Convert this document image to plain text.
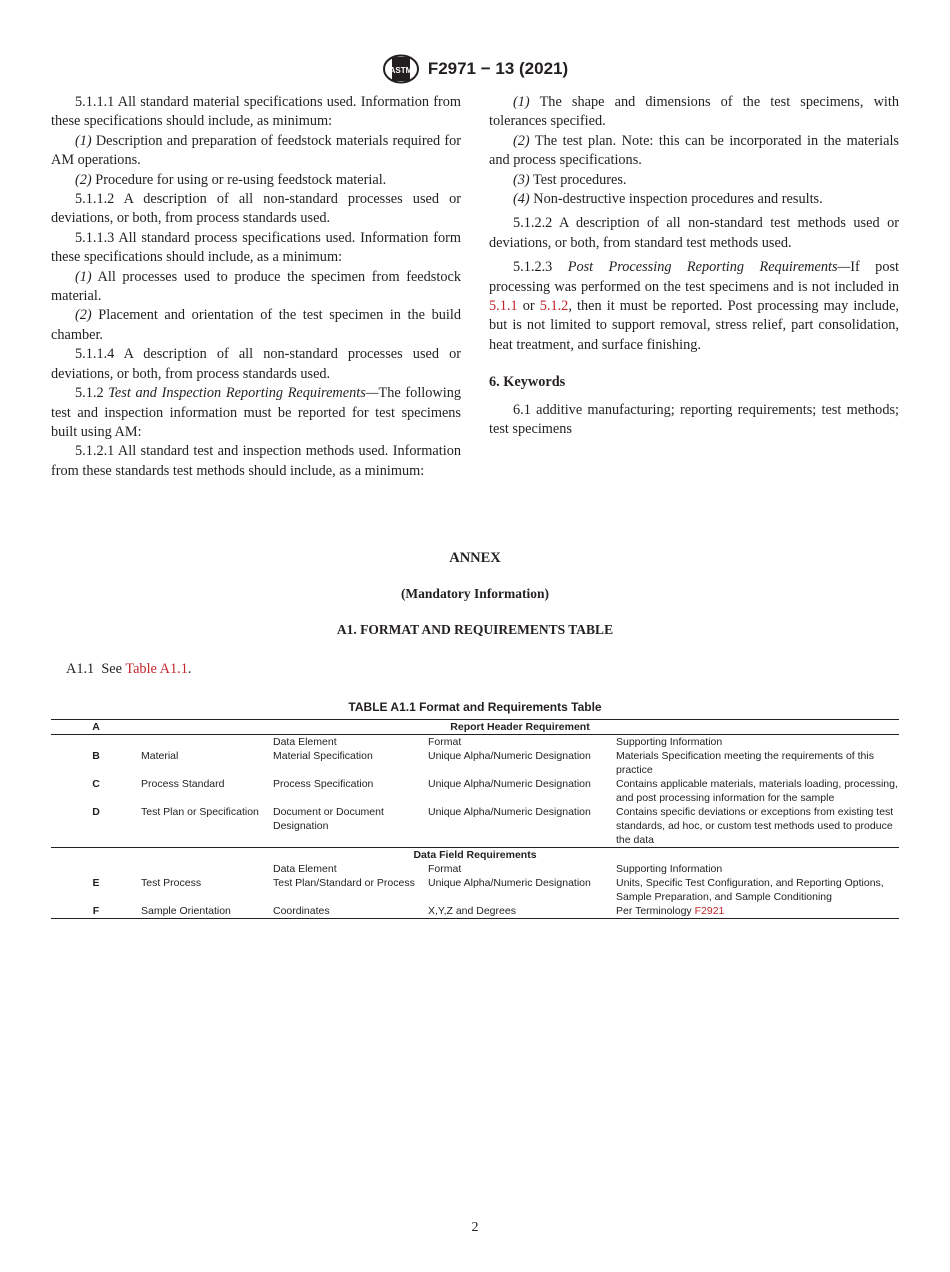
ASTM F2971 − 13 (2021)

5.1.1.1 All standard material specifications used. Information from these specifications should include, as minimum:

(1) Description and preparation of feedstock materials required for AM operations.

(2) Procedure for using or re-using feedstock material.

5.1.1.2 A description of all non-standard processes used or deviations, or both, from process standards used.

5.1.1.3 All standard process specifications used. Information form these specifications should include, as a minimum:

(1) All processes used to produce the specimen from feedstock material.

(2) Placement and orientation of the test specimen in the build chamber.

5.1.1.4 A description of all non-standard processes used or deviations, or both, from process standards used.

5.1.2 Test and Inspection Reporting Requirements—The following test and inspection information must be reported for test specimens built using AM:

5.1.2.1 All standard test and inspection methods used. Information from these standards test methods should include, as a minimum:

(1) The shape and dimensions of the test specimens, with tolerances specified.

(2) The test plan. Note: this can be incorporated in the materials and process specifications.

(3) Test procedures.

(4) Non-destructive inspection procedures and results.

5.1.2.2 A description of all non-standard test methods used or deviations, or both, from standard test methods used.

5.1.2.3 Post Processing Reporting Requirements—If post processing was performed on the test specimens and is not included in 5.1.1 or 5.1.2, then it must be reported. Post processing may include, but is not limited to support removal, stress relief, part consolidation, heat treatment, and surface finishing.

6. Keywords

6.1 additive manufacturing; reporting requirements; test methods; test specimens

ANNEX
(Mandatory Information)
A1. FORMAT AND REQUIREMENTS TABLE
A1.1 See Table A1.1.
TABLE A1.1 Format and Requirements Table
A	Report Header Requirement			
		Data Element	Format	Supporting Information
B	Material	Material Specification	Unique Alpha/Numeric Designation	Materials Specification meeting the requirements of this practice
C	Process Standard	Process Specification	Unique Alpha/Numeric Designation	Contains applicable materials, materials loading, processing, and post processing information for the sample
D	Test Plan or Specification	Document or Document Designation	Unique Alpha/Numeric Designation	Contains specific deviations or exceptions from existing test standards, ad hoc, or custom test methods used to produce the data
Data Field Requirements				
		Data Element	Format	Supporting Information
E	Test Process	Test Plan/Standard or Process	Unique Alpha/Numeric Designation	Units, Specific Test Configuration, and Reporting Options, Sample Preparation, and Sample Conditioning
F	Sample Orientation	Coordinates	X,Y,Z and Degrees	Per Terminology F2921
2
